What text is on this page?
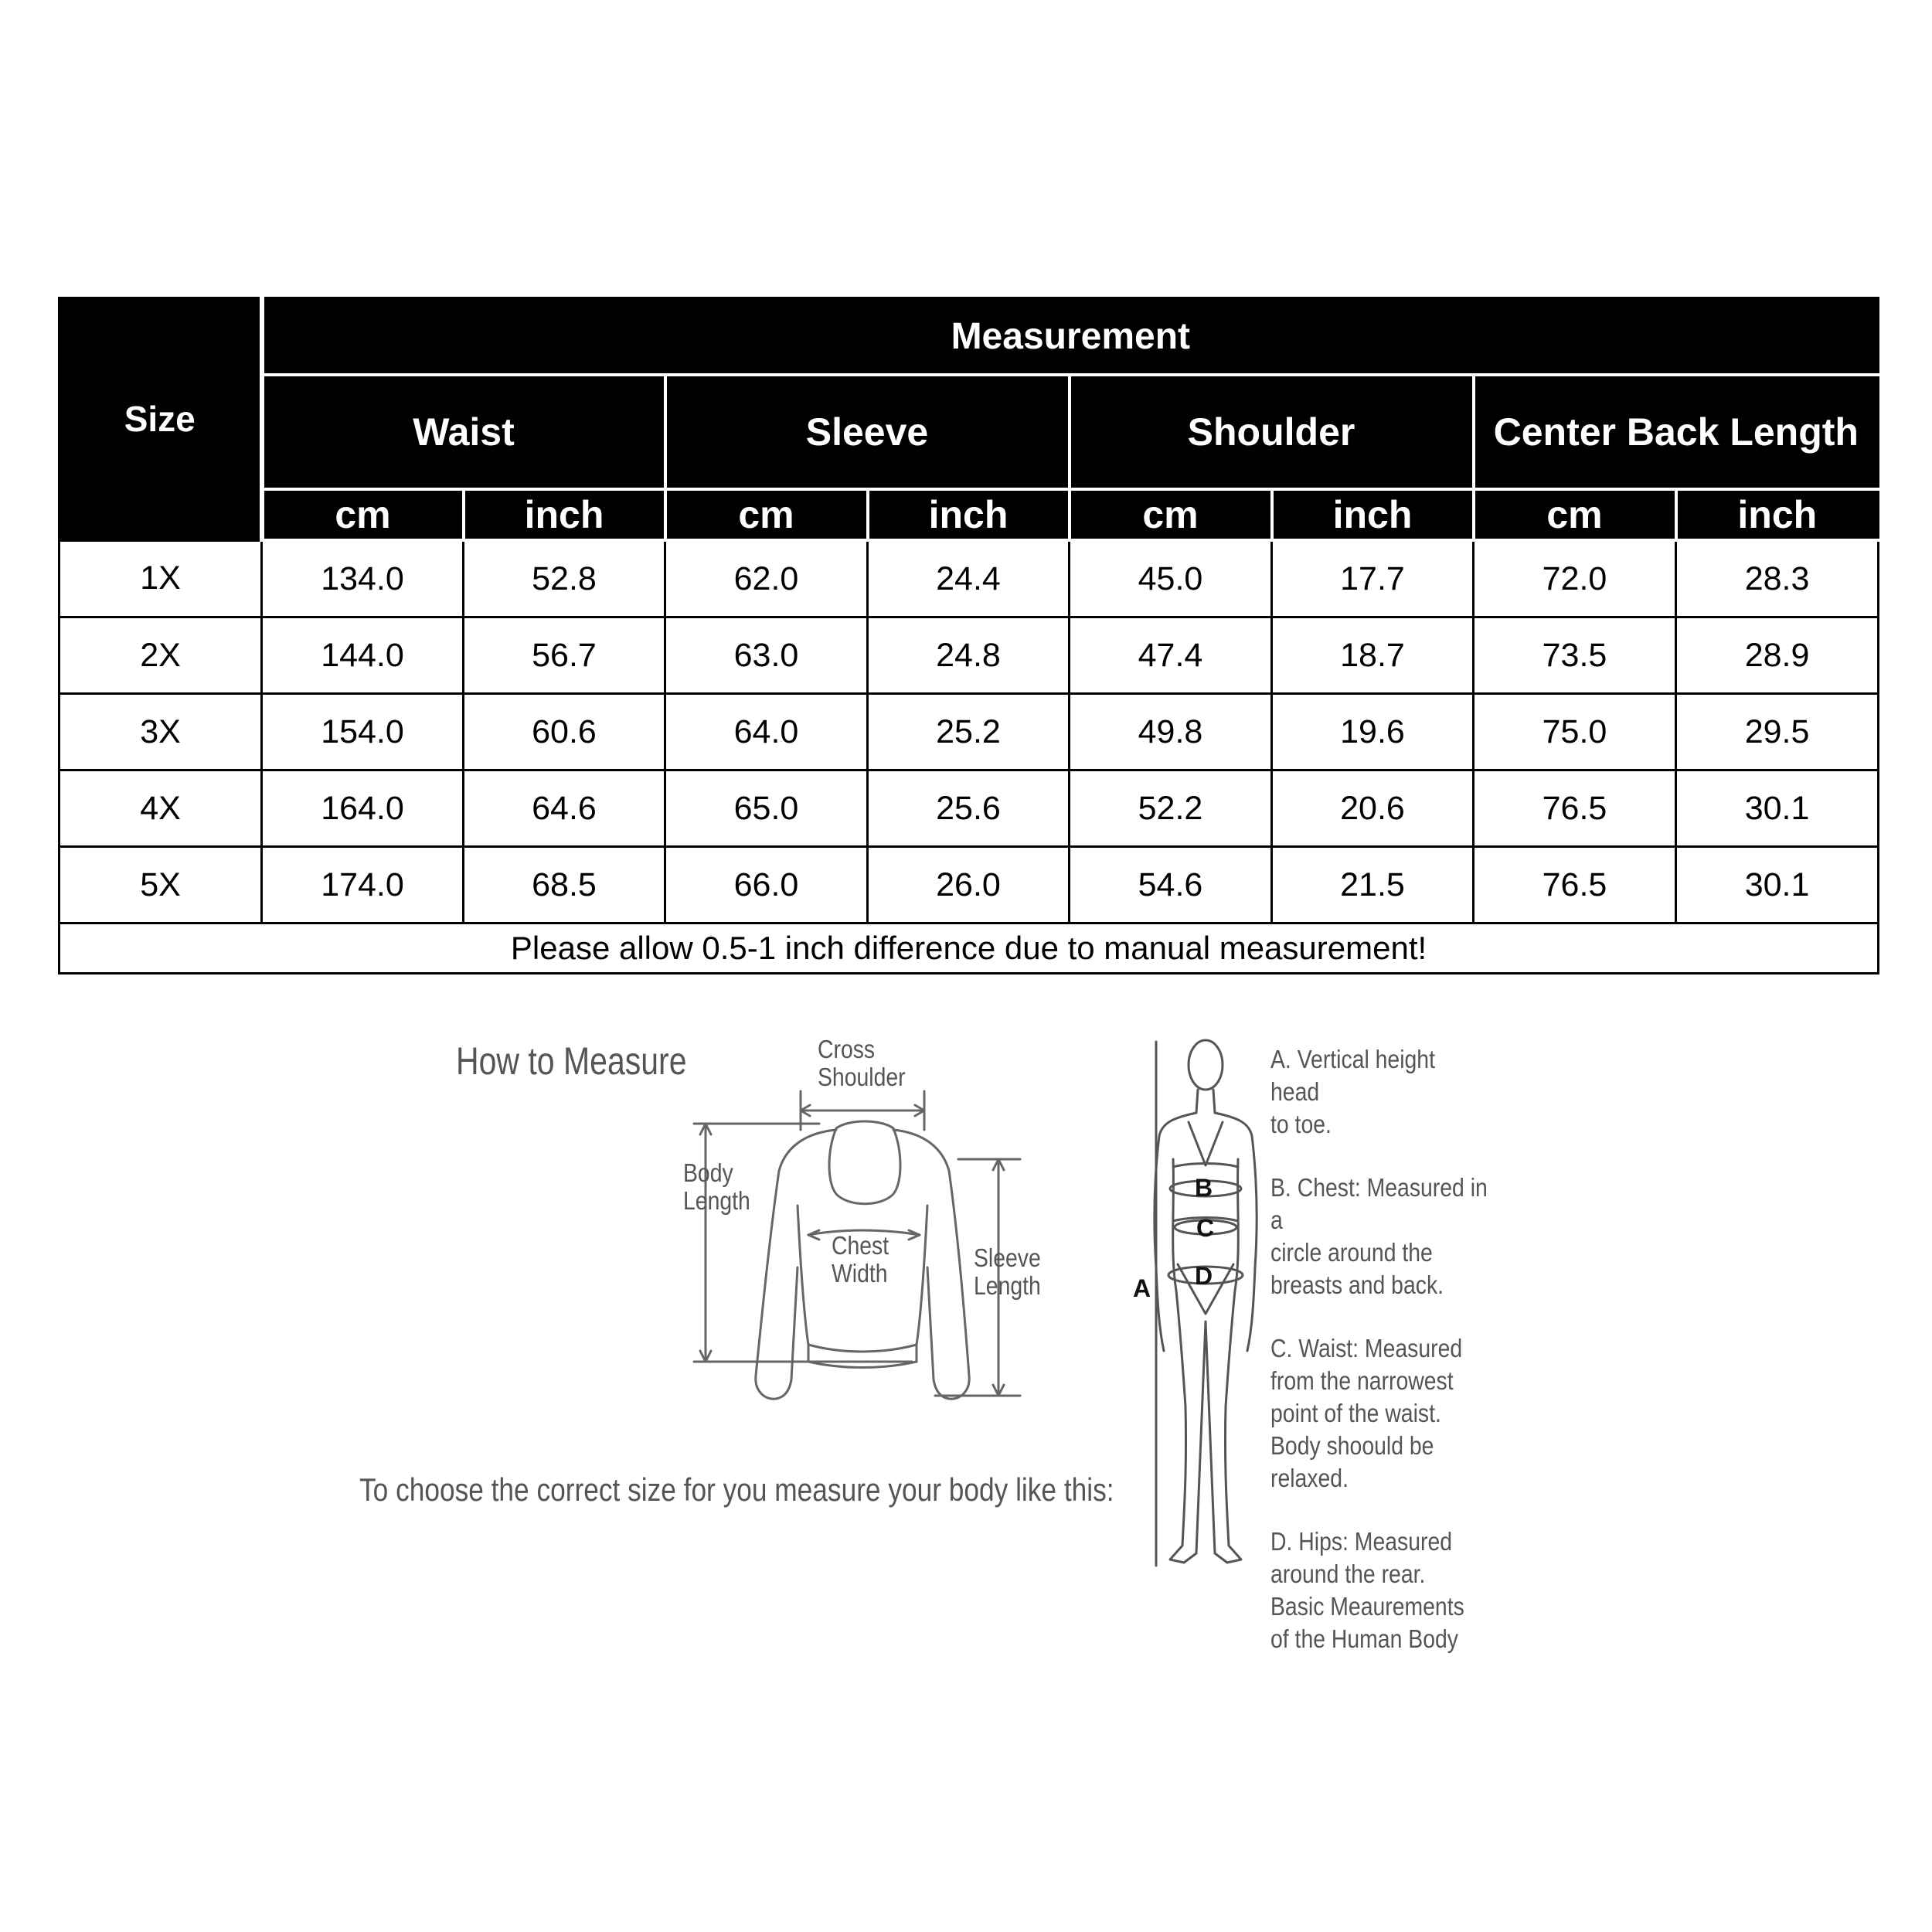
Size	Measurement							
	Waist		Sleeve		Shoulder		Center Back Length	
	cm	inch	cm	inch	cm	inch	cm	inch
1X	134.0	52.8	62.0	24.4	45.0	17.7	72.0	28.3
2X	144.0	56.7	63.0	24.8	47.4	18.7	73.5	28.9
3X	154.0	60.6	64.0	25.2	49.8	19.6	75.0	29.5
4X	164.0	64.6	65.0	25.6	52.2	20.6	76.5	30.1
5X	174.0	68.5	66.0	26.0	54.6	21.5	76.5	30.1
Please allow 0.5-1 inch difference due to manual measurement!								
How to Measure
To choose the correct size for you measure your body like this:
B
C
D
A
Cross
Shoulder
Body
Length
Chest
Width
Sleeve
Length
A. Vertical height head
to toe.
B. Chest: Measured in a
circle around the
breasts and back.
C. Waist: Measured
from the narrowest
point of the waist.
Body shoould be
relaxed.
D. Hips: Measured
around the rear.
Basic Meaurements
of the Human Body
